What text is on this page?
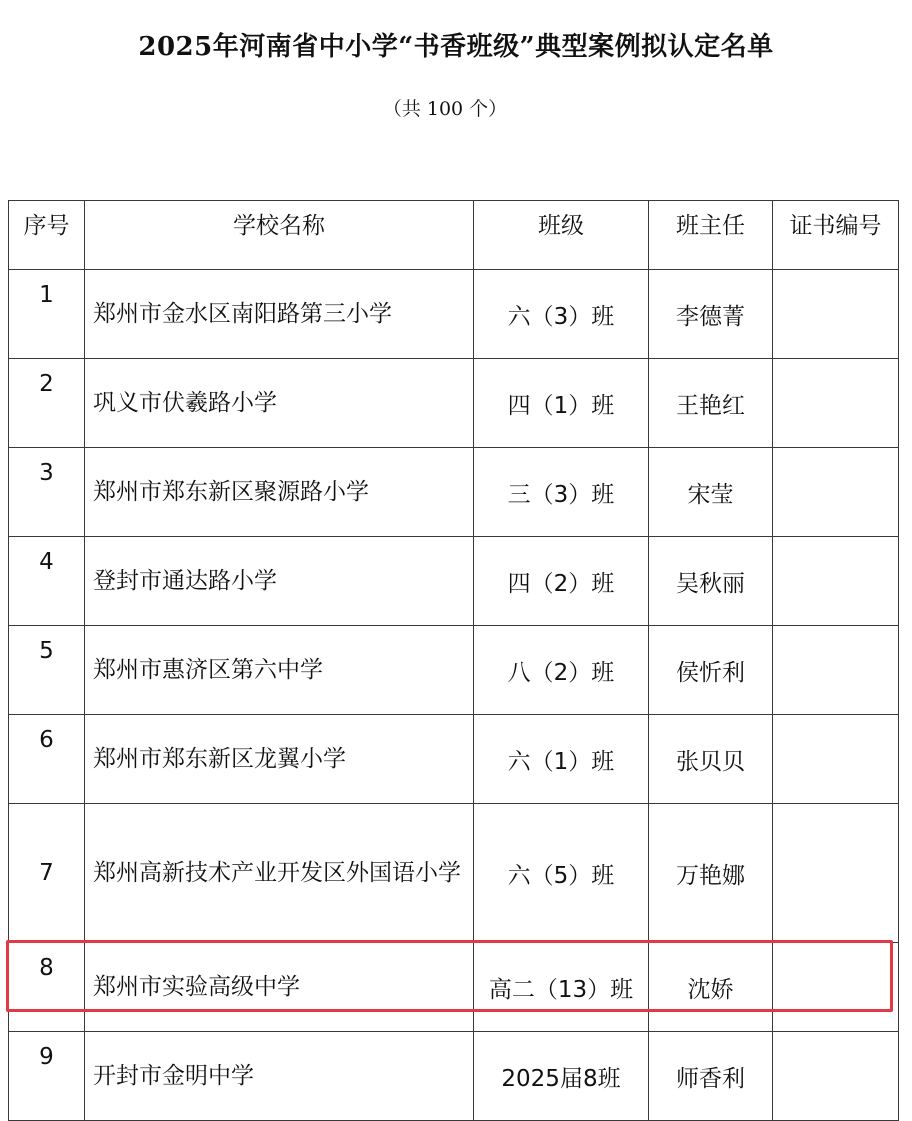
2025年河南省中小学“书香班级”典型案例拟认定名单
（共 100 个）
序号	学校名称	班级	班主任	证书编号
1	郑州市金水区南阳路第三小学	六（3）班	李德菁	
2	巩义市伏羲路小学	四（1）班	王艳红	
3	郑州市郑东新区聚源路小学	三（3）班	宋莹	
4	登封市通达路小学	四（2）班	吴秋丽	
5	郑州市惠济区第六中学	八（2）班	侯忻利	
6	郑州市郑东新区龙翼小学	六（1）班	张贝贝	
7	郑州高新技术产业开发区外国语小学	六（5）班	万艳娜	
8	郑州市实验高级中学	高二（13）班	沈娇	
9	开封市金明中学	2025届8班	师香利	
